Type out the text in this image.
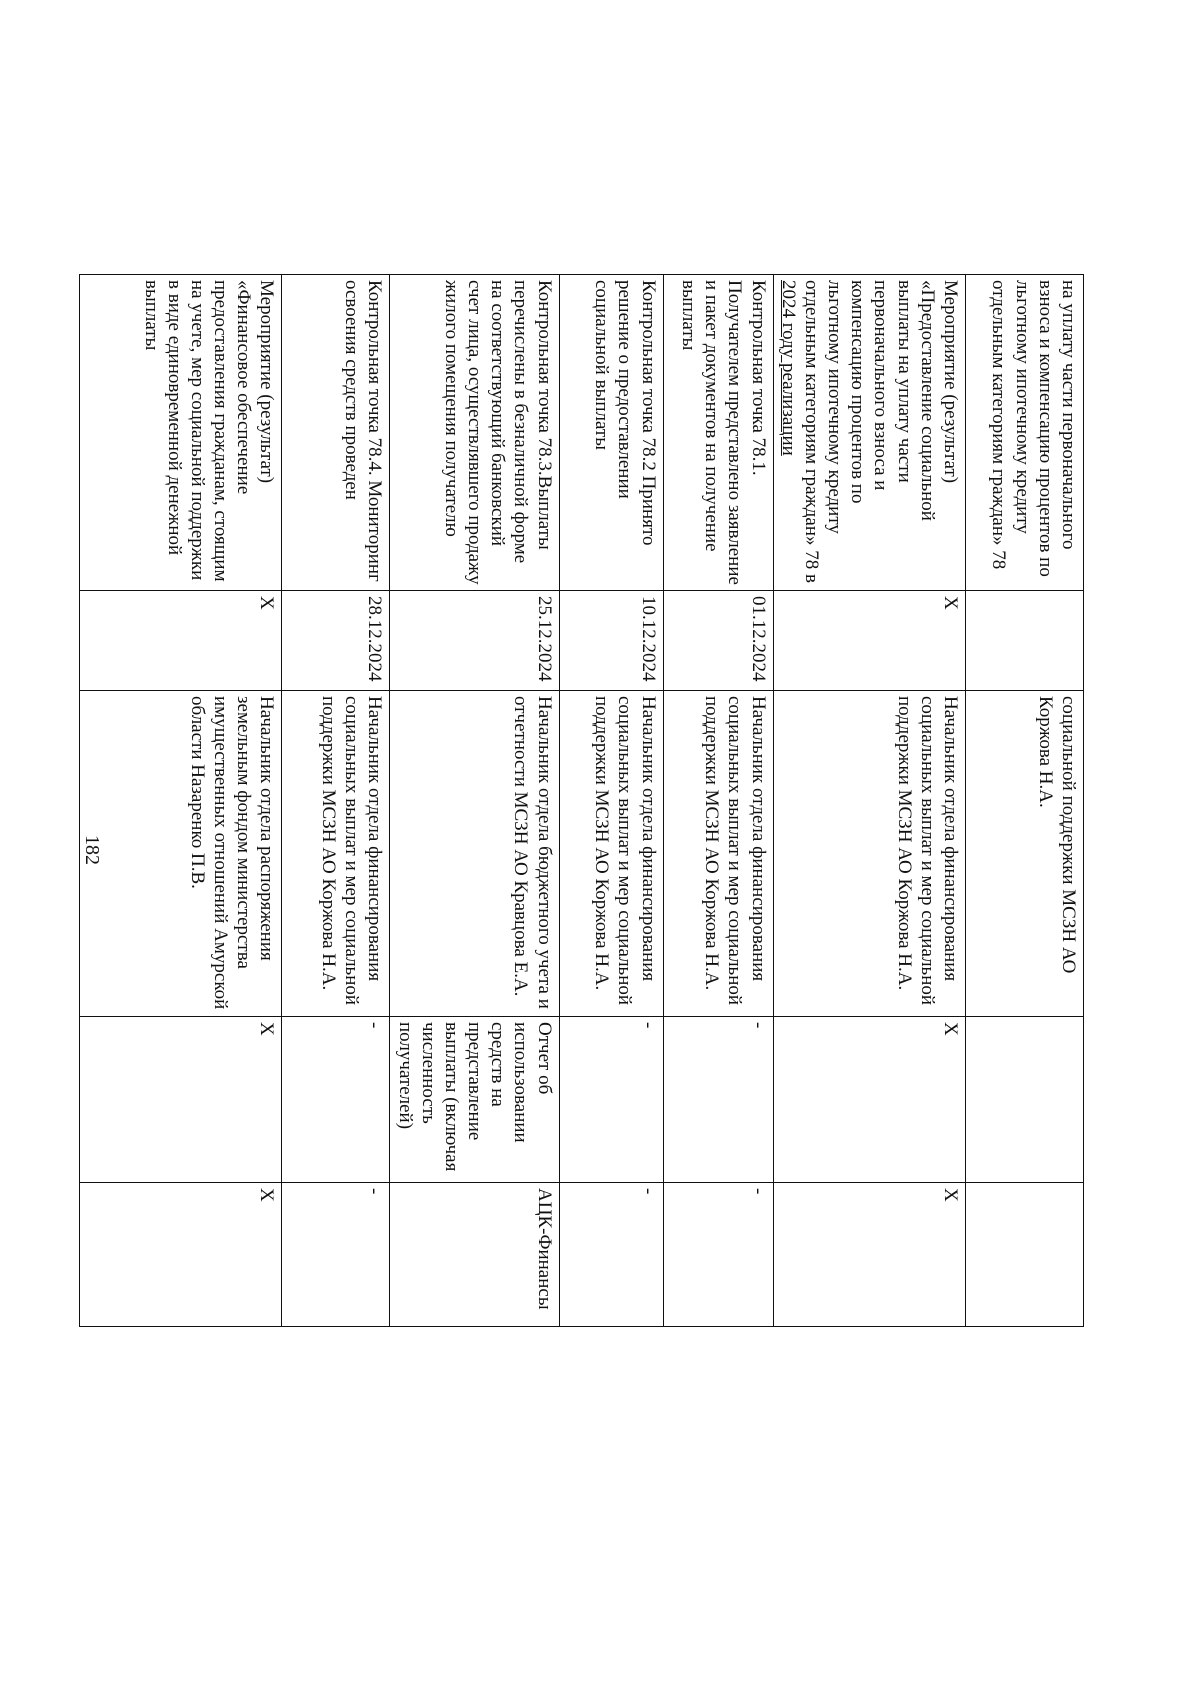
182
на уплату части первоначального взноса и компенсацию процентов по льготному ипотечному кредиту отдельным категориям граждан» 78		социальной поддержки МСЗН АО Коржова Н.А.		
Мероприятие (результат) «Предоставление социальной выплаты на уплату части первоначального взноса и компенсацию процентов по льготному ипотечному кредиту отдельным категориям граждан» 78 в 2024 году реализации	Х	Начальник отдела финансирования социальных выплат и мер социальной поддержки МСЗН АО Коржова Н.А.	Х	Х
Контрольная точка 78.1. Получателем представлено заявление и пакет документов на получение выплаты	01.12.2024	Начальник отдела финансирования социальных выплат и мер социальной поддержки МСЗН АО Коржова Н.А.	-	-
Контрольная точка 78.2 Принято решение о предоставлении социальной выплаты	10.12.2024	Начальник отдела финансирования социальных выплат и мер социальной поддержки МСЗН АО Коржова Н.А.	-	-
Контрольная точка 78.3.Выплаты перечислены в безналичной форме на соответствующий банковский счет лица, осуществлявшего продажу жилого помещения получателю	25.12.2024	Начальник отдела бюджетного учета и отчетности МСЗН АО Кравцова Е.А.	Отчет об использовании средств на представление выплаты (включая численность получателей)	АЦК-Финансы
Контрольная точка 78.4. Мониторинг освоения средств проведен	28.12.2024	Начальник отдела финансирования социальных выплат и мер социальной поддержки МСЗН АО Коржова Н.А.	-	-
Мероприятие (результат) «Финансовое обеспечение предоставления гражданам, стоящим на учете, мер социальной поддержки в виде единовременной денежной выплаты	Х	Начальник отдела распоряжения земельным фондом министерства имущественных отношений Амурской области Назаренко П.В.	Х	Х
